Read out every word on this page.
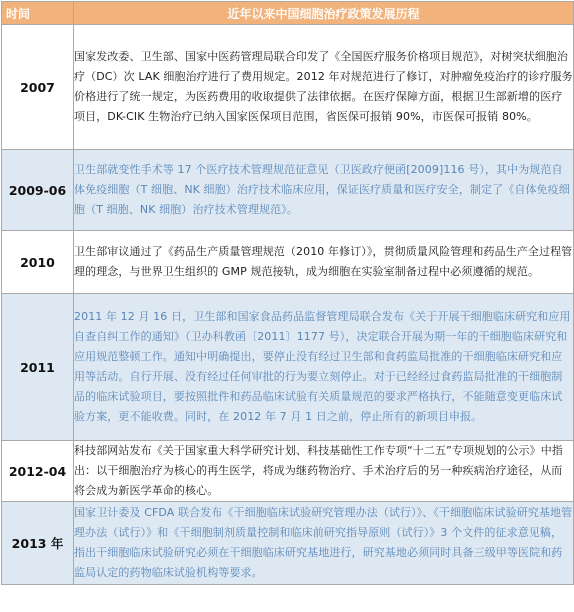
时间	近年以来中国细胞治疗政策发展历程
2007	国家发改委、卫生部、国家中医药管理局联合印发了《全国医疗服务价格项目规范》，对树突状细胞治疗（DC）次 LAK 细胞治疗进行了费用规定。2012 年对规范进行了修订，对肿瘤免疫治疗的诊疗服务价格进行了统一规定，为医药费用的收取提供了法律依据。在医疗保障方面，根据卫生部新增的医疗项目，DK-CIK 生物治疗已纳入国家医保项目范围，省医保可报销 90%，市医保可报销 80%。
2009-06	卫生部就变性手术等 17 个医疗技术管理规范征意见（卫医政疗便函[2009]116 号），其中为规范自体免疫细胞（T 细胞、NK 细胞）治疗技术临床应用，保证医疗质量和医疗安全，制定了《自体免疫细胞（T 细胞、NK 细胞）治疗技术管理规范》。
2010	卫生部审议通过了《药品生产质量管理规范（2010 年修订）》，贯彻质量风险管理和药品生产全过程管理的理念，与世界卫生组织的 GMP 规范接轨，成为细胞在实验室制备过程中必须遵循的规范。
2011	2011 年 12 月 16 日，卫生部和国家食品药品监督管理局联合发布《关于开展干细胞临床研究和应用自查自纠工作的通知》（卫办科教函〔2011〕1177 号），决定联合开展为期一年的干细胞临床研究和应用规范整顿工作。通知中明确提出，要停止没有经过卫生部和食药监局批准的干细胞临床研究和应用等活动。自行开展、没有经过任何审批的行为要立刻停止。对于已经经过食药监局批准的干细胞制品的临床试验项目，要按照批件和药品临床试验有关质量规范的要求严格执行，不能随意变更临床试验方案，更不能收费。同时，在 2012 年 7 月 1 日之前，停止所有的新项目申报。
2012-04	科技部网站发布《关于国家重大科学研究计划、科技基础性工作专项“十二五”专项规划的公示》中指出：以干细胞治疗为核心的再生医学，将成为继药物治疗、手术治疗后的另一种疾病治疗途径，从而将会成为新医学革命的核心。
2013 年	国家卫计委及 CFDA 联合发布《干细胞临床试验研究管理办法（试行）》、《干细胞临床试验研究基地管理办法（试行）》和《干细胞制剂质量控制和临床前研究指导原则（试行）》3 个文件的征求意见稿，指出干细胞临床试验研究必须在干细胞临床研究基地进行，研究基地必须同时具备三级甲等医院和药监局认定的药物临床试验机构等要求。
